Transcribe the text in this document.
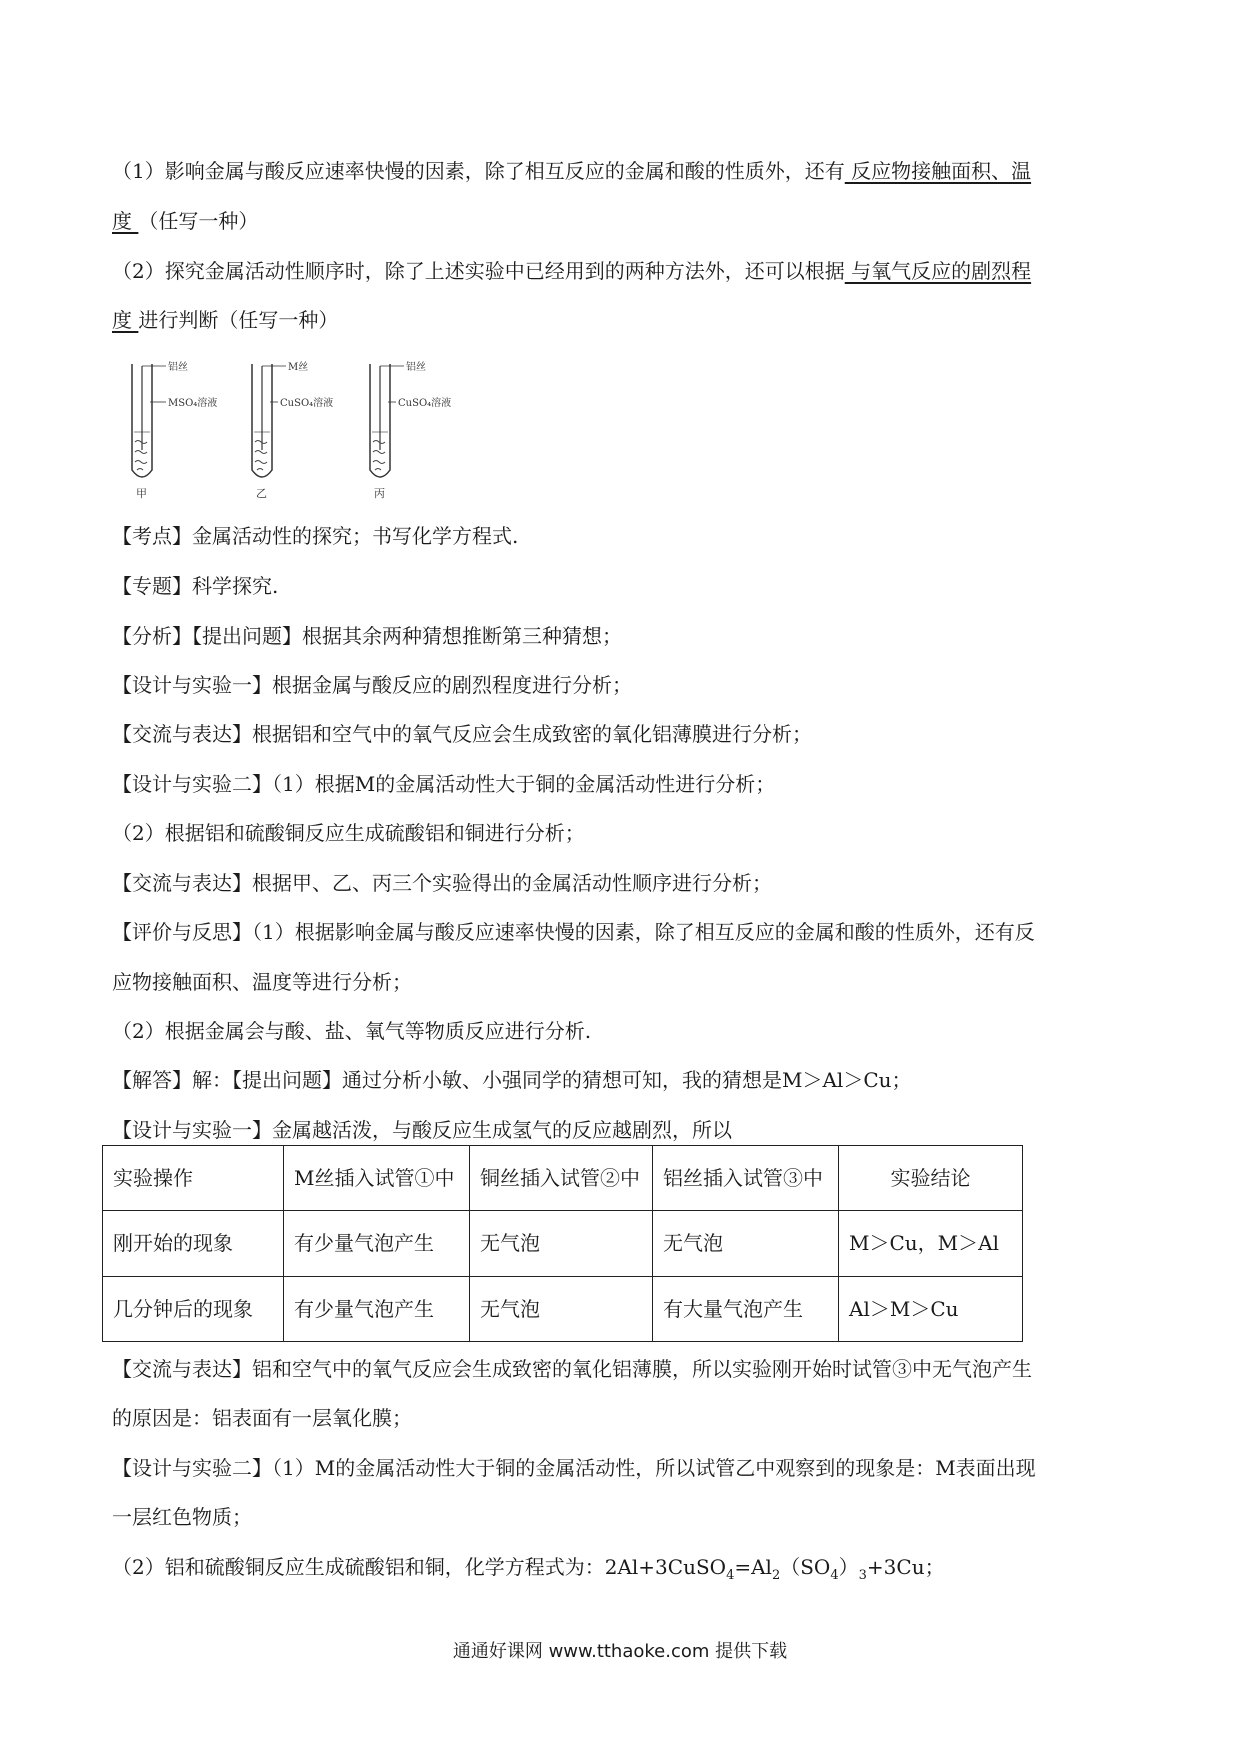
（1）影响金属与酸反应速率快慢的因素，除了相互反应的金属和酸的性质外，还有 反应物接触面积、温
度 （任写一种）
（2）探究金属活动性顺序时，除了上述实验中已经用到的两种方法外，还可以根据 与氧气反应的剧烈程
度 进行判断（任写一种）
铝丝
MSO₄溶液
甲
M丝
CuSO₄溶液
乙
铝丝
CuSO₄溶液
丙
【考点】金属活动性的探究；书写化学方程式.
【专题】科学探究.
【分析】【提出问题】根据其余两种猜想推断第三种猜想；
【设计与实验一】根据金属与酸反应的剧烈程度进行分析；
【交流与表达】根据铝和空气中的氧气反应会生成致密的氧化铝薄膜进行分析；
【设计与实验二】（1）根据M的金属活动性大于铜的金属活动性进行分析；
（2）根据铝和硫酸铜反应生成硫酸铝和铜进行分析；
【交流与表达】根据甲、乙、丙三个实验得出的金属活动性顺序进行分析；
【评价与反思】（1）根据影响金属与酸反应速率快慢的因素，除了相互反应的金属和酸的性质外，还有反
应物接触面积、温度等进行分析；
（2）根据金属会与酸、盐、氧气等物质反应进行分析.
【解答】解：【提出问题】通过分析小敏、小强同学的猜想可知，我的猜想是M＞Al＞Cu；
【设计与实验一】金属越活泼，与酸反应生成氢气的反应越剧烈，所以
实验操作	M丝插入试管①中	铜丝插入试管②中	铝丝插入试管③中	实验结论
刚开始的现象	有少量气泡产生	无气泡	无气泡	M＞Cu，M＞Al
几分钟后的现象	有少量气泡产生	无气泡	有大量气泡产生	Al＞M＞Cu
【交流与表达】铝和空气中的氧气反应会生成致密的氧化铝薄膜，所以实验刚开始时试管③中无气泡产生
的原因是：铝表面有一层氧化膜；
【设计与实验二】（1）M的金属活动性大于铜的金属活动性，所以试管乙中观察到的现象是：M表面出现
一层红色物质；
（2）铝和硫酸铜反应生成硫酸铝和铜，化学方程式为：$2Al+3CuSO_4=Al_2(SO_4)_3+3Cu$；
通通好课网 www.tthaoke.com 提供下载
